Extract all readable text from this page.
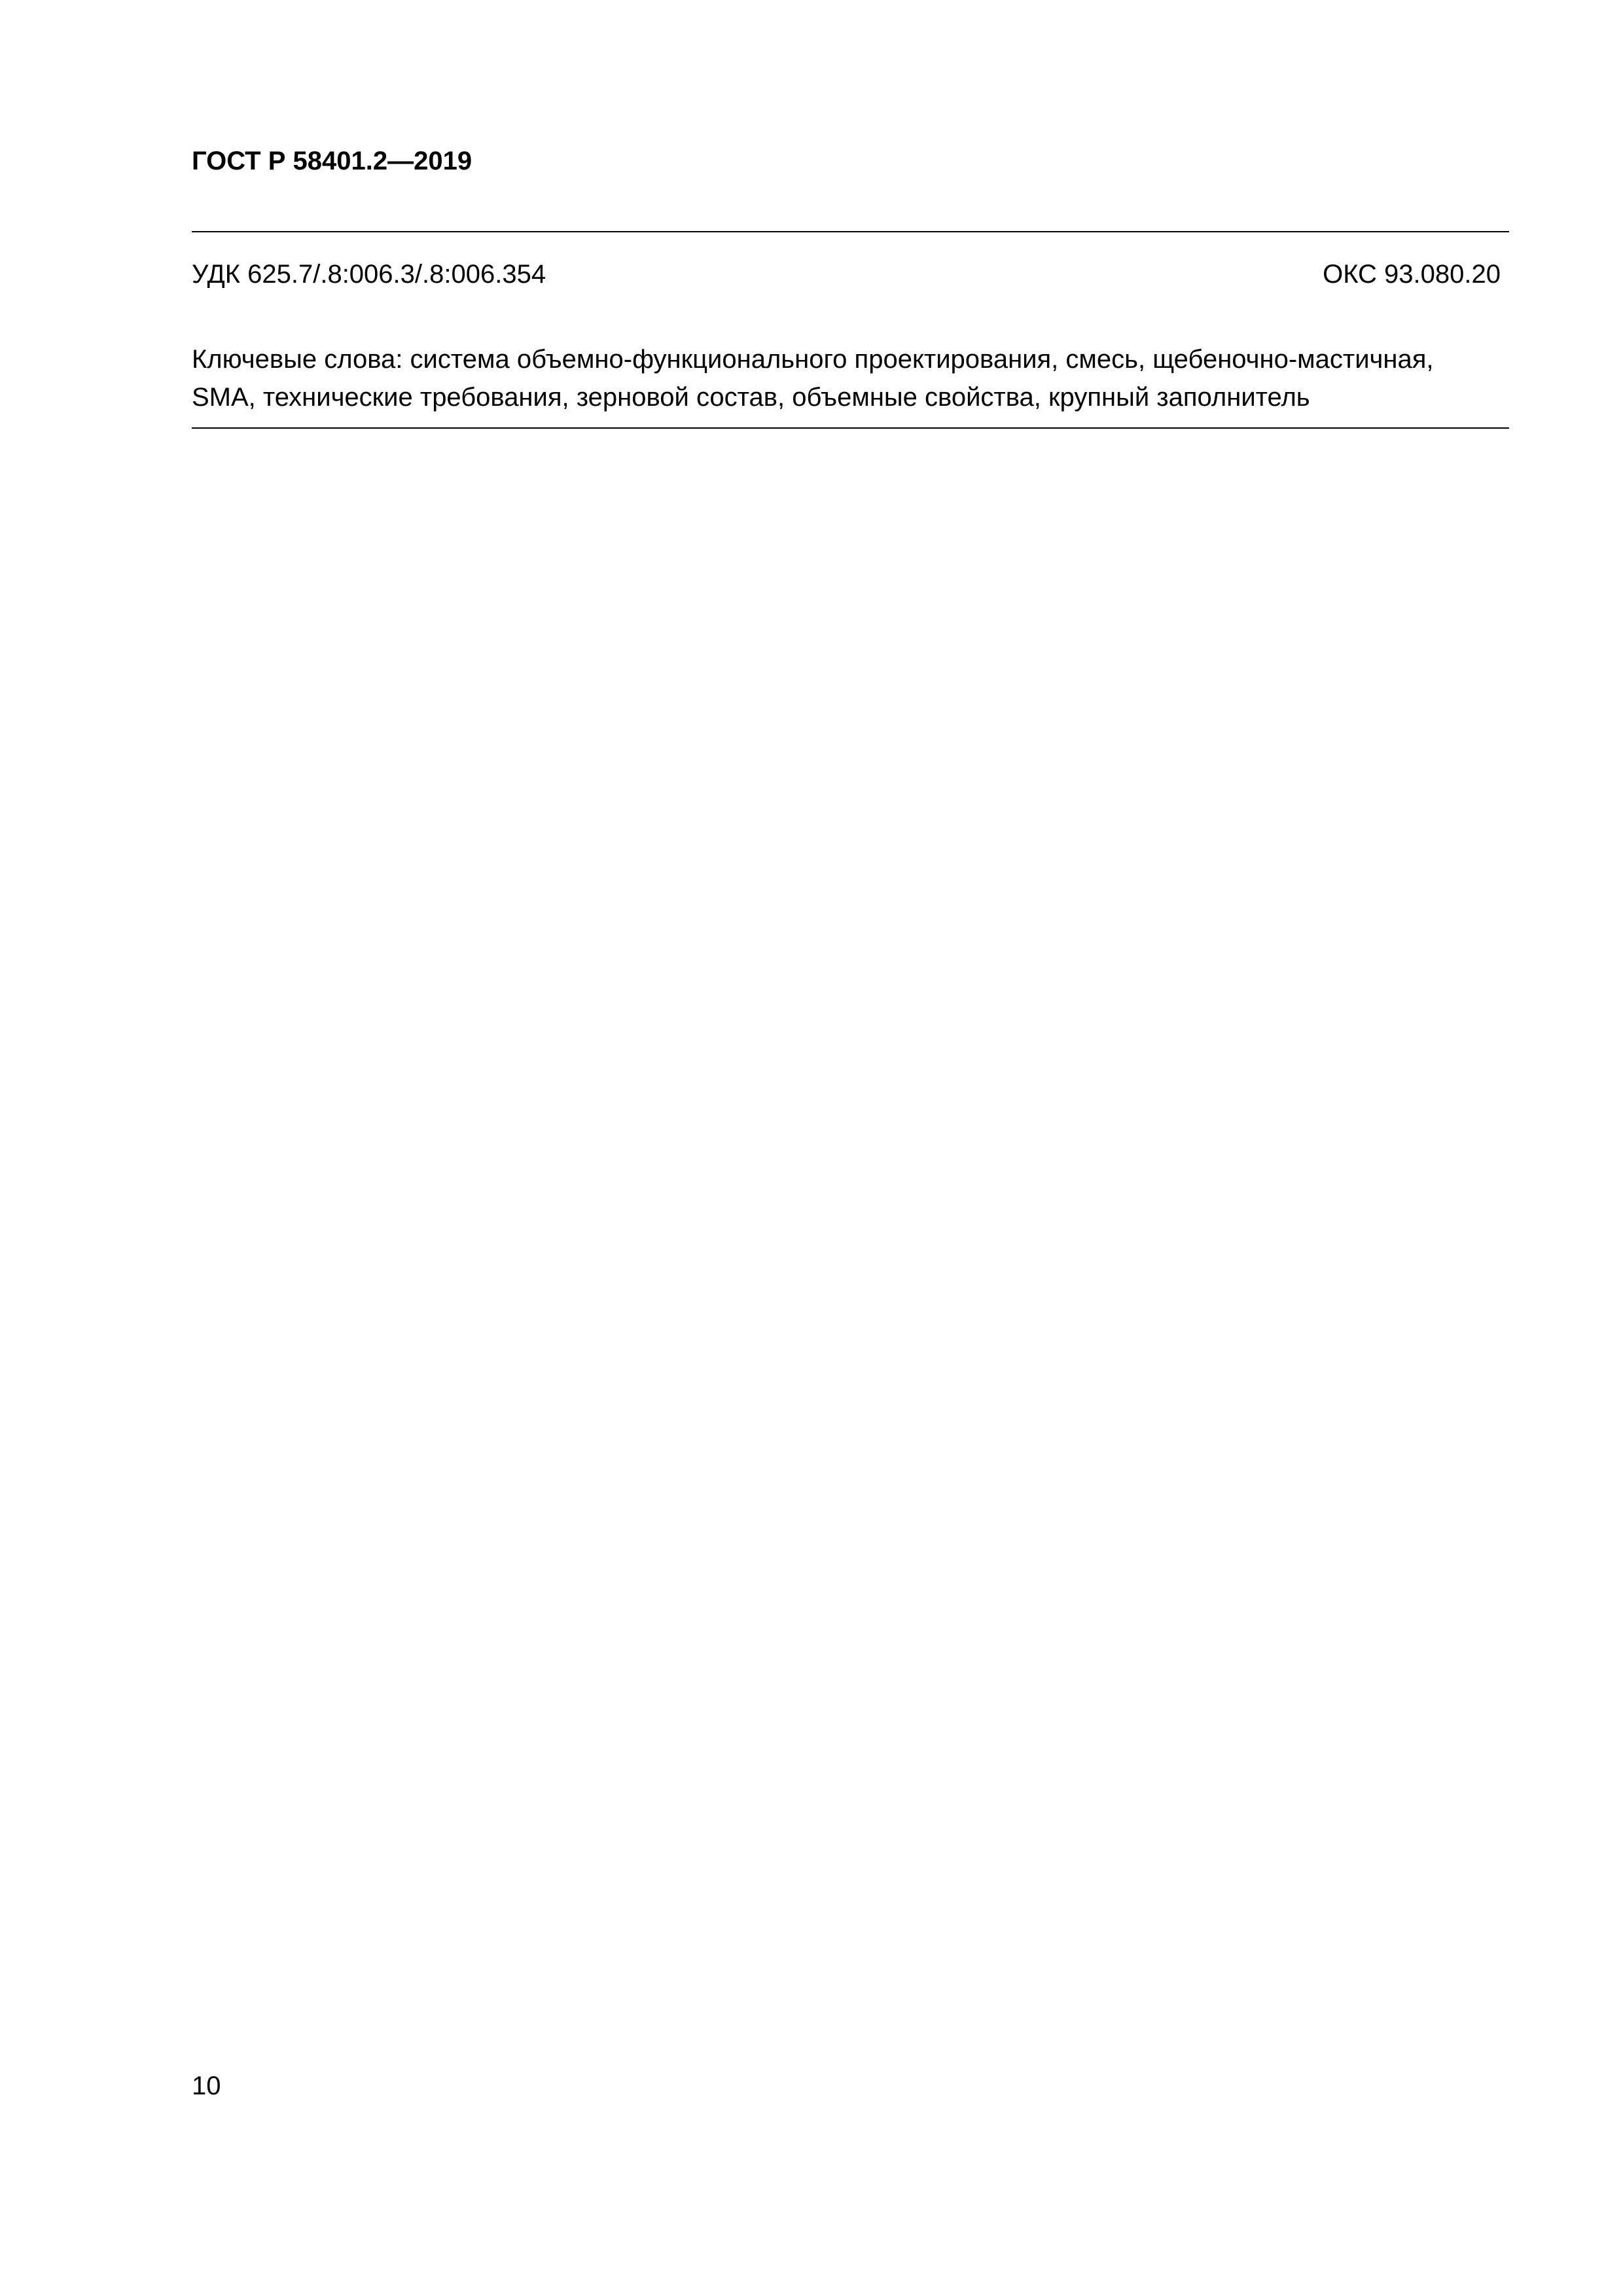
ГОСТ Р 58401.2—2019
УДК 625.7/.8:006.3/.8:006.354	ОКС 93.080.20
Ключевые слова: система объемно-функционального проектирования, смесь, щебеночно-мастичная,
SMA, технические требования, зерновой состав, объемные свойства, крупный заполнитель
10
